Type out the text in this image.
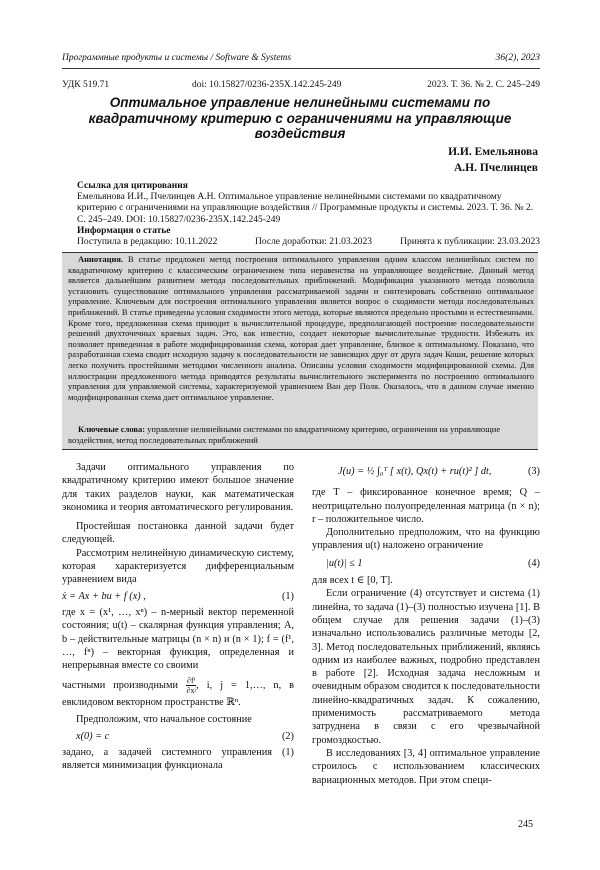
Программные продукты и системы / Software & Systems	36(2), 2023
УДК 519.71	doi: 10.15827/0236-235X.142.245-249	2023. Т. 36. № 2. С. 245–249
Оптимальное управление нелинейными системами по квадратичному критерию с ограничениями на управляющие воздействия
И.И. Емельянова
А.Н. Пчелинцев
Ссылка для цитирования
Емельянова И.И., Пчелинцев А.Н. Оптимальное управление нелинейными системами по квадратичному критерию с ограничениями на управляющие воздействия // Программные продукты и системы. 2023. Т. 36. № 2. С. 245–249. DOI: 10.15827/0236-235X.142.245-249
Информация о статье
Поступила в редакцию: 10.11.2022	После доработки: 21.03.2023	Принята к публикации: 23.03.2023
Аннотация. В статье предложен метод построения оптимального управления одним классом нелинейных систем по квадратичному критерию с классическим ограничением типа неравенства на управляющее воздействие. Данный метод является дальнейшим развитием метода последовательных приближений. Модификация указанного метода позволила установить существование оптимального управления рассматриваемой задачи и синтезировать собственно оптимальное управление. Ключевым для построения оптимального управления является вопрос о сходимости метода последовательных приближений. В статье приведены условия сходимости этого метода, которые являются предельно простыми и естественными. Кроме того, предложенная схема приводит к вычислительной процедуре, предполагающей построение последовательности решений двухточечных краевых задач. Это, как известно, создает некоторые вычислительные трудности. Избежать их позволяет приведенная в работе модифицированная схема, которая дает управление, близкое к оптимальному. Показано, что разработанная схема сводит исходную задачу к последовательности не зависящих друг от друга задач Коши, решение которых легко получить простейшими методами численного анализа. Описаны условия сходимости модифицированной схемы. Для иллюстрации предложенного метода приводятся результаты вычислительного эксперимента по построению оптимального управления для управляемой системы, характеризуемой уравнением Ван дер Поля. Оказалось, что в данном случае именно модифицированная схема дает оптимальное управление.
Ключевые слова: управление нелинейными системами по квадратичному критерию, ограничения на управляющие воздействия, метод последовательных приближений

Задачи оптимального управления по квадратичному критерию имеют большое значение для таких разделов науки, как математическая экономика и теория автоматического регулирования.

Простейшая постановка данной задачи будет следующей.

Рассмотрим нелинейную динамическую систему, которая характеризуется дифференциальным уравнением вида

ẋ = Ax + bu + f (x) ,	(1)

где x = (x¹, …, xⁿ) – n-мерный вектор переменной состояния; u(t) – скалярная функция управления; A, b – действительные матрицы (n × n) и (n × 1); f = (f¹, …, fⁿ) – векторная функция, определенная и непрерывная вместе со своими

частными производными $\frac{\text{∂fⁱ}}{\text{∂xʲ}}$ , i, j = 1,…, n, в евклидовом векторном пространстве ℝⁿ.

Предположим, что начальное состояние

x(0) = c	(2)

задано, а задачей системного управления (1) является минимизация функционала

J(u) = ½ ∫₀ᵀ [ x(t), Qx(t) + ru(t)² ] dt,	(3)

где T – фиксированное конечное время; Q – неотрицательно полуопределенная матрица (n × n); r – положительное число.

Дополнительно предположим, что на функцию управления u(t) наложено ограничение

|u(t)| ≤ 1	(4)

для всех t ∈ [0, T].

Если ограничение (4) отсутствует и система (1) линейна, то задача (1)–(3) полностью изучена [1]. В общем случае для решения задачи (1)–(3) изначально использовались различные методы [2, 3]. Метод последовательных приближений, являясь одним из наиболее важных, подробно представлен в работе [2]. Исходная задача несложным и очевидным образом сводится к последовательности линейно-квадратичных задач. К сожалению, применимость рассматриваемого метода затруднена в связи с его чрезвычайной громоздкостью.

В исследованиях [3, 4] оптимальное управление строилось с использованием классических вариационных методов. При этом специ-

245
